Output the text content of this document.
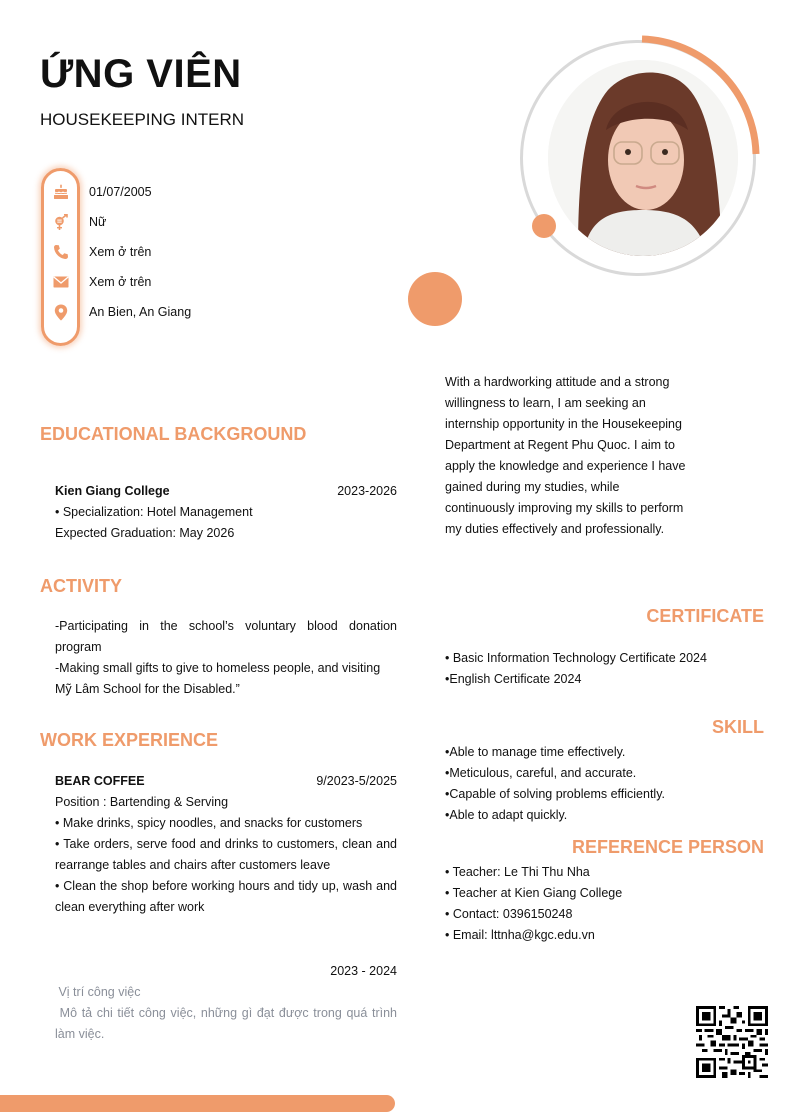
ỨNG VIÊN
HOUSEKEEPING INTERN
01/07/2005
Nữ
Xem ở trên
Xem ở trên
An Bien, An Giang
With a hardworking attitude and a strong willingness to learn, I am seeking an internship opportunity in the Housekeeping Department at Regent Phu Quoc. I aim to apply the knowledge and experience I have gained during my studies, while continuously improving my skills to perform my duties effectively and professionally.
EDUCATIONAL BACKGROUND
Kien Giang College	2023-2026
• Specialization: Hotel Management
Expected Graduation: May 2026
ACTIVITY
-Participating in the school’s voluntary blood donation program
-Making small gifts to give to homeless people, and visiting Mỹ Lâm School for the Disabled.”
WORK EXPERIENCE
BEAR COFFEE	9/2023-5/2025
Position : Bartending & Serving
• Make drinks, spicy noodles, and snacks for customers
• Take orders, serve food and drinks to customers, clean and rearrange tables and chairs after customers leave
• Clean the shop before working hours and tidy up, wash and clean everything after work
2023 - 2024
Vị trí công việc
Mô tả chi tiết công việc, những gì đạt được trong quá trình làm việc.
CERTIFICATE
• Basic Information Technology Certificate 2024
•English Certificate 2024
SKILL
•Able to manage time effectively.
•Meticulous, careful, and accurate.
•Capable of solving problems efficiently.
•Able to adapt quickly.
REFERENCE PERSON
• Teacher: Le Thi Thu Nha
• Teacher at Kien Giang College
• Contact: 0396150248
• Email: lttnha@kgc.edu.vn
